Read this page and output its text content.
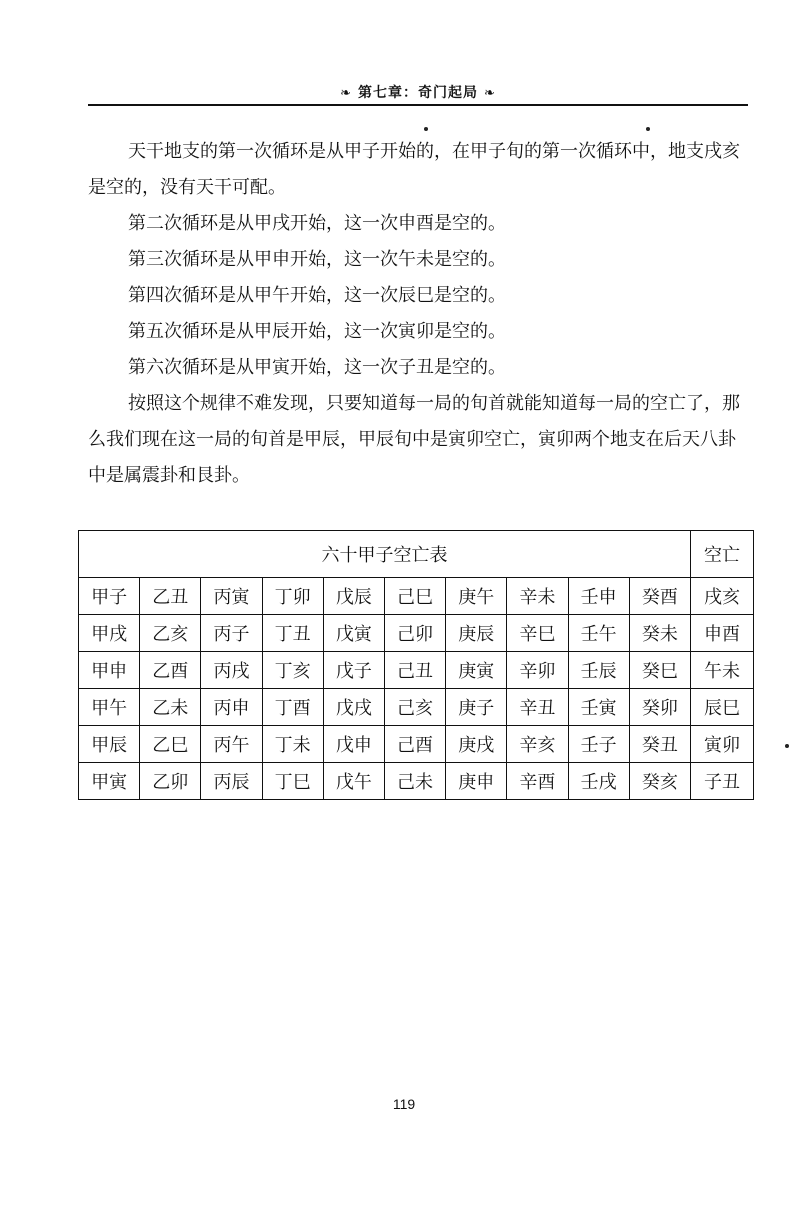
❧ 第七章：奇门起局 ❧

天干地支的第一次循环是从甲子开始的，在甲子旬的第一次循环中，地支戌亥是空的，没有天干可配。

第二次循环是从甲戌开始，这一次申酉是空的。

第三次循环是从甲申开始，这一次午未是空的。

第四次循环是从甲午开始，这一次辰巳是空的。

第五次循环是从甲辰开始，这一次寅卯是空的。

第六次循环是从甲寅开始，这一次子丑是空的。

按照这个规律不难发现，只要知道每一局的旬首就能知道每一局的空亡了，那么我们现在这一局的旬首是甲辰，甲辰旬中是寅卯空亡，寅卯两个地支在后天八卦中是属震卦和艮卦。

六十甲子空亡表										空亡
甲子	乙丑	丙寅	丁卯	戊辰	己巳	庚午	辛未	壬申	癸酉	戌亥
甲戌	乙亥	丙子	丁丑	戊寅	己卯	庚辰	辛巳	壬午	癸未	申酉
甲申	乙酉	丙戌	丁亥	戊子	己丑	庚寅	辛卯	壬辰	癸巳	午未
甲午	乙未	丙申	丁酉	戊戌	己亥	庚子	辛丑	壬寅	癸卯	辰巳
甲辰	乙巳	丙午	丁未	戊申	己酉	庚戌	辛亥	壬子	癸丑	寅卯
甲寅	乙卯	丙辰	丁巳	戊午	己未	庚申	辛酉	壬戌	癸亥	子丑
119
